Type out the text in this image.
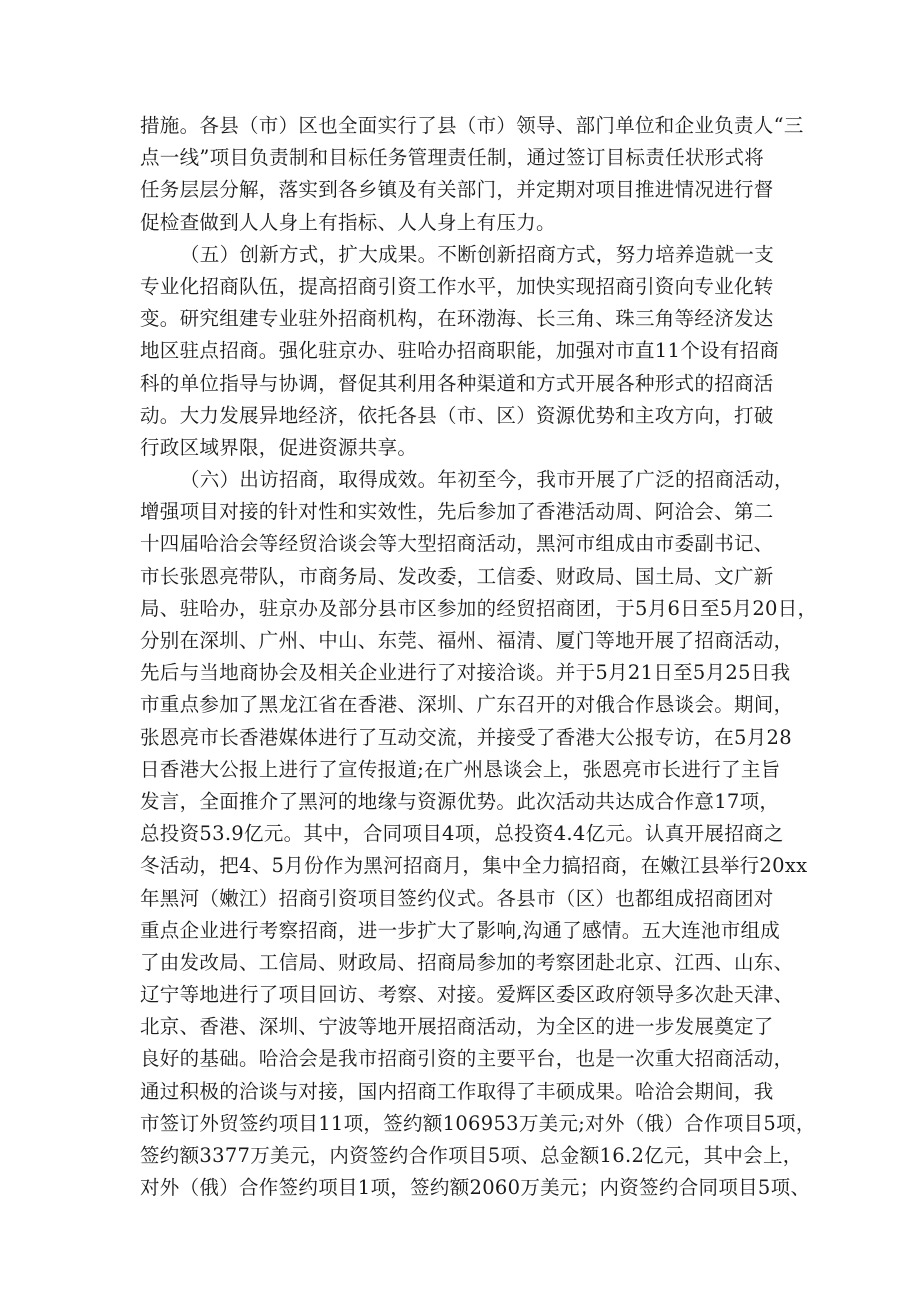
措施。各县（市）区也全面实行了县（市）领导、部门单位和企业负责人“三
点一线”项目负责制和目标任务管理责任制，通过签订目标责任状形式将
任务层层分解，落实到各乡镇及有关部门，并定期对项目推进情况进行督
促检查做到人人身上有指标、人人身上有压力。
（五）创新方式，扩大成果。不断创新招商方式，努力培养造就一支
专业化招商队伍，提高招商引资工作水平，加快实现招商引资向专业化转
变。研究组建专业驻外招商机构，在环渤海、长三角、珠三角等经济发达
地区驻点招商。强化驻京办、驻哈办招商职能，加强对市直11个设有招商
科的单位指导与协调，督促其利用各种渠道和方式开展各种形式的招商活
动。大力发展异地经济，依托各县（市、区）资源优势和主攻方向，打破
行政区域界限，促进资源共享。
（六）出访招商，取得成效。年初至今，我市开展了广泛的招商活动，
增强项目对接的针对性和实效性，先后参加了香港活动周、阿洽会、第二
十四届哈洽会等经贸洽谈会等大型招商活动，黑河市组成由市委副书记、
市长张恩亮带队，市商务局、发改委，工信委、财政局、国土局、文广新
局、驻哈办，驻京办及部分县市区参加的经贸招商团，于5月6日至5月20日，
分别在深圳、广州、中山、东莞、福州、福清、厦门等地开展了招商活动，
先后与当地商协会及相关企业进行了对接洽谈。并于5月21日至5月25日我
市重点参加了黑龙江省在香港、深圳、广东召开的对俄合作恳谈会。期间，
张恩亮市长香港媒体进行了互动交流，并接受了香港大公报专访，在5月28
日香港大公报上进行了宣传报道;在广州恳谈会上，张恩亮市长进行了主旨
发言，全面推介了黑河的地缘与资源优势。此次活动共达成合作意17项，
总投资53.9亿元。其中，合同项目4项，总投资4.4亿元。认真开展招商之
冬活动，把4、5月份作为黑河招商月，集中全力搞招商，在嫩江县举行20xx
年黑河（嫩江）招商引资项目签约仪式。各县市（区）也都组成招商团对
重点企业进行考察招商，进一步扩大了影响,沟通了感情。五大连池市组成
了由发改局、工信局、财政局、招商局参加的考察团赴北京、江西、山东、
辽宁等地进行了项目回访、考察、对接。爱辉区委区政府领导多次赴天津、
北京、香港、深圳、宁波等地开展招商活动，为全区的进一步发展奠定了
良好的基础。哈洽会是我市招商引资的主要平台，也是一次重大招商活动，
通过积极的洽谈与对接，国内招商工作取得了丰硕成果。哈洽会期间，我
市签订外贸签约项目11项，签约额106953万美元;对外（俄）合作项目5项，
签约额3377万美元，内资签约合作项目5项、总金额16.2亿元，其中会上，
对外（俄）合作签约项目1项，签约额2060万美元；内资签约合同项目5项、
